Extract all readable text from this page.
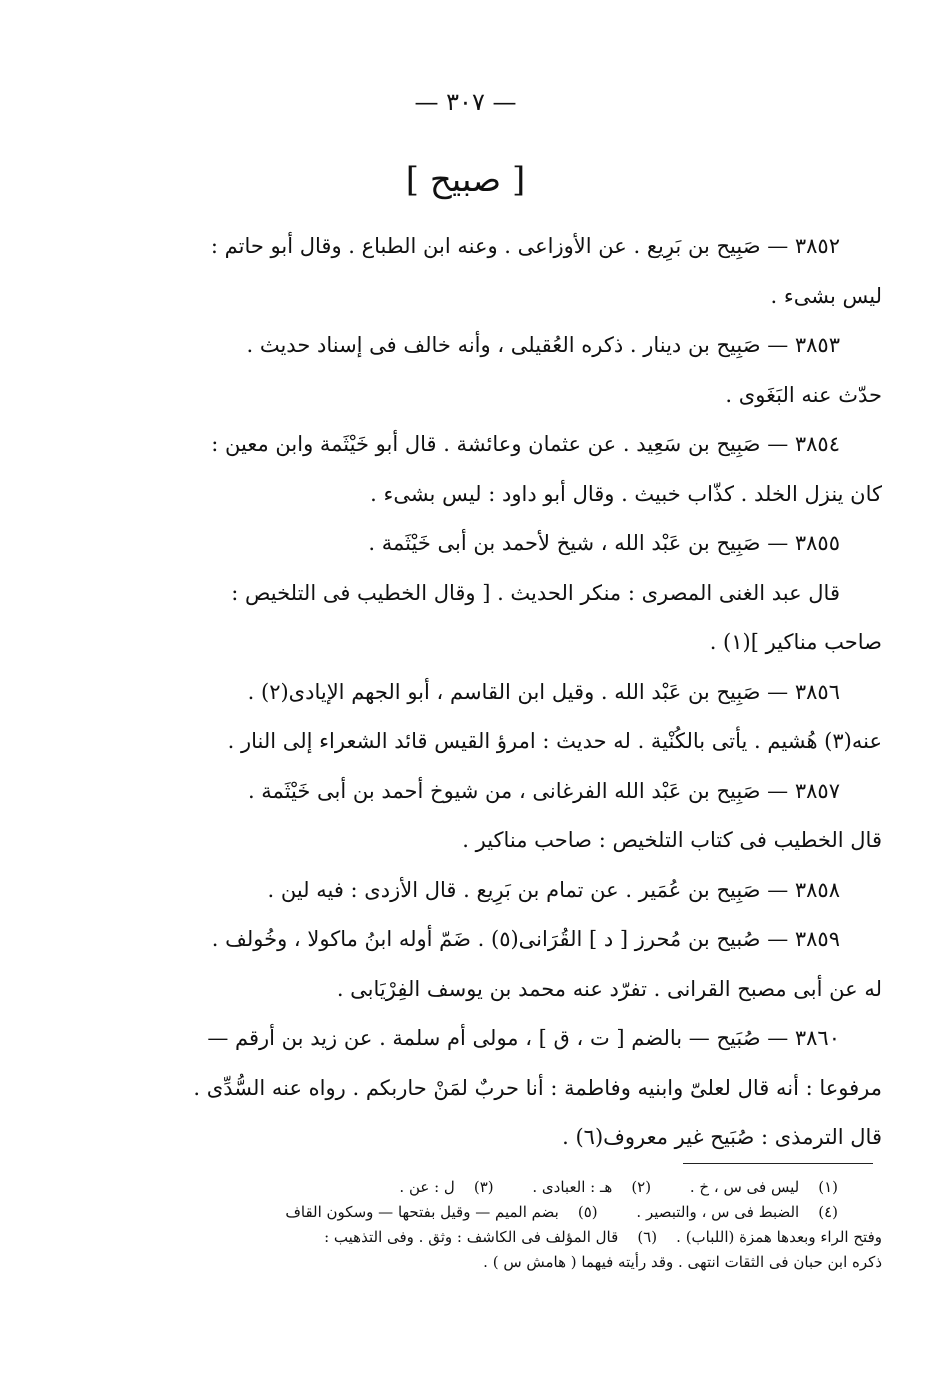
— ٣٠٧ —
[ صبيح ]

٣٨٥٢ — صَبِيح بن بَرِيع . عن الأوزاعى . وعنه ابن الطباع . وقال أبو حاتم :

ليس بشىء .

٣٨٥٣ — صَبِيح بن دينار . ذكره العُقيلى ، وأنه خالف فى إسناد حديث .

حدّث عنه البَغَوى .

٣٨٥٤ — صَبِيح بن سَعِيد . عن عثمان وعائشة . قال أبو خَيْثَمة وابن معين :

كان ينزل الخلد . كذّاب خبيث . وقال أبو داود : ليس بشىء .

٣٨٥٥ — صَبِيح بن عَبْد الله ، شيخ لأحمد بن أبى خَيْثَمة .

قال عبد الغنى المصرى : منكر الحديث . [ وقال الخطيب فى التلخيص :

صاحب مناكير ](١) .

٣٨٥٦ — صَبِيح بن عَبْد الله . وقيل ابن القاسم ، أبو الجهم الإيادى(٢) .

عنه(٣) هُشيم . يأتى بالكُنْية . له حديث : امرؤ القيس قائد الشعراء إلى النار .

٣٨٥٧ — صَبِيح بن عَبْد الله الفرغانى ، من شيوخ أحمد بن أبى خَيْثَمة .

قال الخطيب فى كتاب التلخيص : صاحب مناكير .

٣٨٥٨ — صَبِيح بن عُمَير . عن تمام بن بَرِيع . قال الأزدى : فيه لين .

٣٨٥٩ — صُبيح بن مُحرز [ د ] القُرَانى(٥) . ضَمّ أوله ابنُ ماكولا ، وخُولف .

له عن أبى مصبح القرانى . تفرّد عنه محمد بن يوسف الفِرْيَابى .

٣٨٦٠ — صُبَيح — بالضم [ ت ، ق ] ، مولى أم سلمة . عن زيد بن أرقم —

مرفوعا : أنه قال لعلىّ وابنيه وفاطمة : أنا حربٌ لمَنْ حاربكم . رواه عنه السُّدِّى .

قال الترمذى : صُبَيح غير معروف(٦) .

(١) ليس فى س ، خ . (٢) هـ : العبادى . (٣) ل : عن .

(٤) الضبط فى س ، والتبصير . (٥) بضم الميم — وقيل بفتحها — وسكون القاف

وفتح الراء وبعدها همزة (اللباب) .    (٦) قال المؤلف فى الكاشف : وثق . وفى التذهيب :

ذكره ابن حبان فى الثقات انتهى . وقد رأيته فيهما ( هامش س ) .
